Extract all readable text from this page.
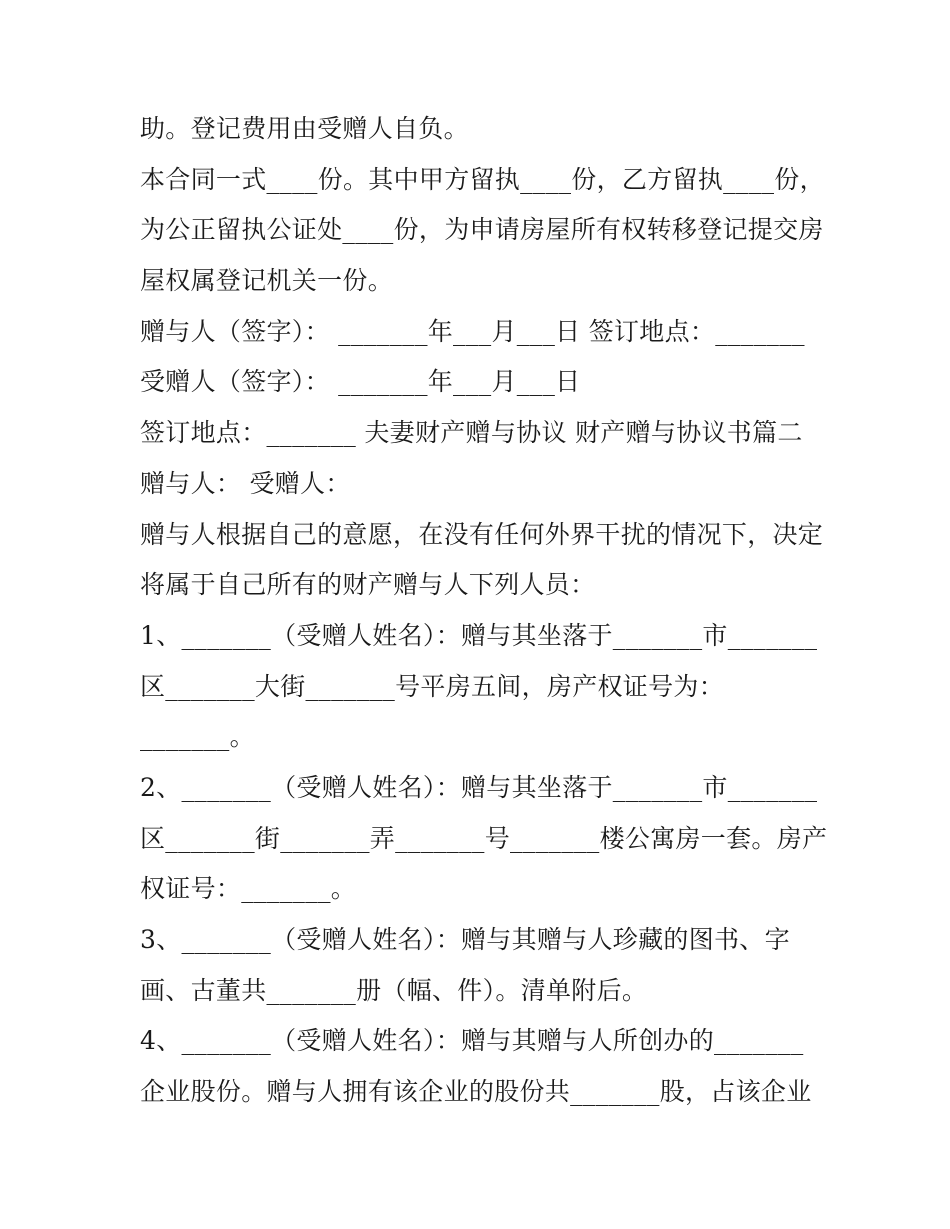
助。登记费用由受赠人自负。
本合同一式____份。其中甲方留执____份，乙方留执____份，
为公正留执公证处____份，为申请房屋所有权转移登记提交房
屋权属登记机关一份。
赠与人（签字）： _______年___月___日 签订地点：_______
受赠人（签字）： _______年___月___日
签订地点：_______ 夫妻财产赠与协议 财产赠与协议书篇二
赠与人： 受赠人：
赠与人根据自己的意愿，在没有任何外界干扰的情况下，决定
将属于自己所有的财产赠与人下列人员：
1、_______（受赠人姓名）：赠与其坐落于_______市_______
区_______大街_______号平房五间，房产权证号为：
_______。
2、_______（受赠人姓名）：赠与其坐落于_______市_______
区_______街_______弄_______号_______楼公寓房一套。房产
权证号：_______。
3、_______（受赠人姓名）：赠与其赠与人珍藏的图书、字
画、古董共_______册（幅、件）。清单附后。
4、_______（受赠人姓名）：赠与其赠与人所创办的_______
企业股份。赠与人拥有该企业的股份共_______股，占该企业
